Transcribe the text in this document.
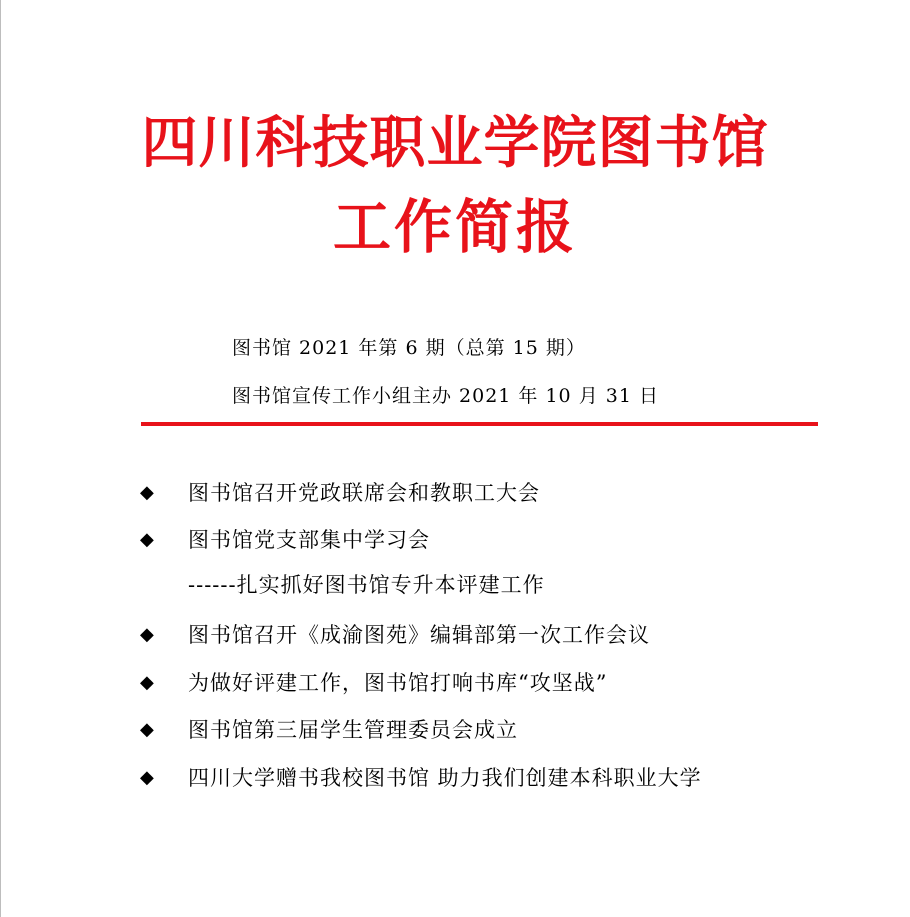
四川科技职业学院图书馆
工作简报
图书馆 2021 年第 6 期（总第 15 期）
图书馆宣传工作小组主办 2021 年 10 月 31 日
◆	图书馆召开党政联席会和教职工大会
◆	图书馆党支部集中学习会
------扎实抓好图书馆专升本评建工作
◆	图书馆召开《成渝图苑》编辑部第一次工作会议
◆	为做好评建工作，图书馆打响书库“攻坚战”
◆	图书馆第三届学生管理委员会成立
◆	四川大学赠书我校图书馆 助力我们创建本科职业大学
